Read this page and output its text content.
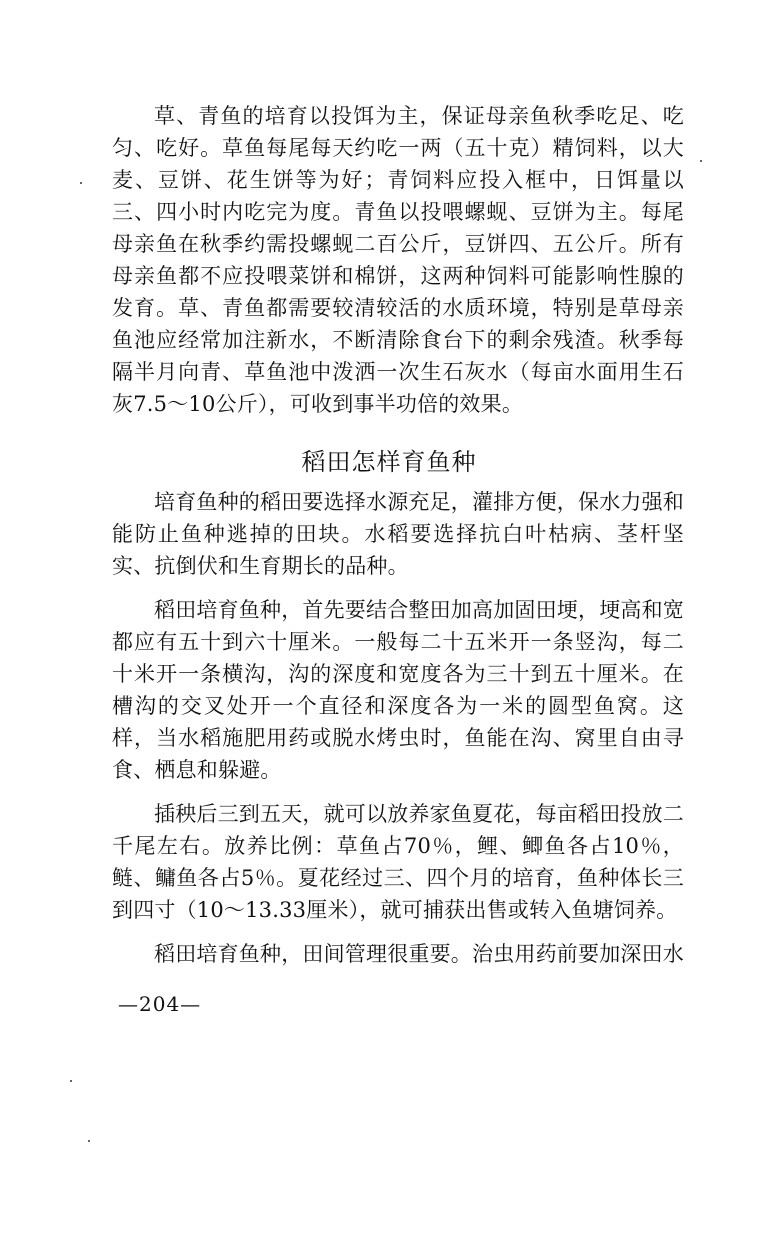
草、青鱼的培育以投饵为主，保证母亲鱼秋季吃足、吃匀、吃好。草鱼每尾每天约吃一两（五十克）精饲料，以大麦、豆饼、花生饼等为好；青饲料应投入框中，日饵量以三、四小时内吃完为度。青鱼以投喂螺蚬、豆饼为主。每尾母亲鱼在秋季约需投螺蚬二百公斤，豆饼四、五公斤。所有母亲鱼都不应投喂菜饼和棉饼，这两种饲料可能影响性腺的发育。草、青鱼都需要较清较活的水质环境，特别是草母亲鱼池应经常加注新水，不断清除食台下的剩余残渣。秋季每隔半月向青、草鱼池中泼洒一次生石灰水（每亩水面用生石灰7.5～10公斤），可收到事半功倍的效果。

稻田怎样育鱼种

培育鱼种的稻田要选择水源充足，灌排方便，保水力强和能防止鱼种逃掉的田块。水稻要选择抗白叶枯病、茎杆坚实、抗倒伏和生育期长的品种。

稻田培育鱼种，首先要结合整田加高加固田埂，埂高和宽都应有五十到六十厘米。一般每二十五米开一条竖沟，每二十米开一条横沟，沟的深度和宽度各为三十到五十厘米。在槽沟的交叉处开一个直径和深度各为一米的圆型鱼窝。这样，当水稻施肥用药或脱水烤虫时，鱼能在沟、窝里自由寻食、栖息和躲避。

插秧后三到五天，就可以放养家鱼夏花，每亩稻田投放二千尾左右。放养比例：草鱼占70％，鲤、鲫鱼各占10％，鲢、鳙鱼各占5％。夏花经过三、四个月的培育，鱼种体长三到四寸（10～13.33厘米），就可捕获出售或转入鱼塘饲养。

稻田培育鱼种，田间管理很重要。治虫用药前要加深田水

—204—
